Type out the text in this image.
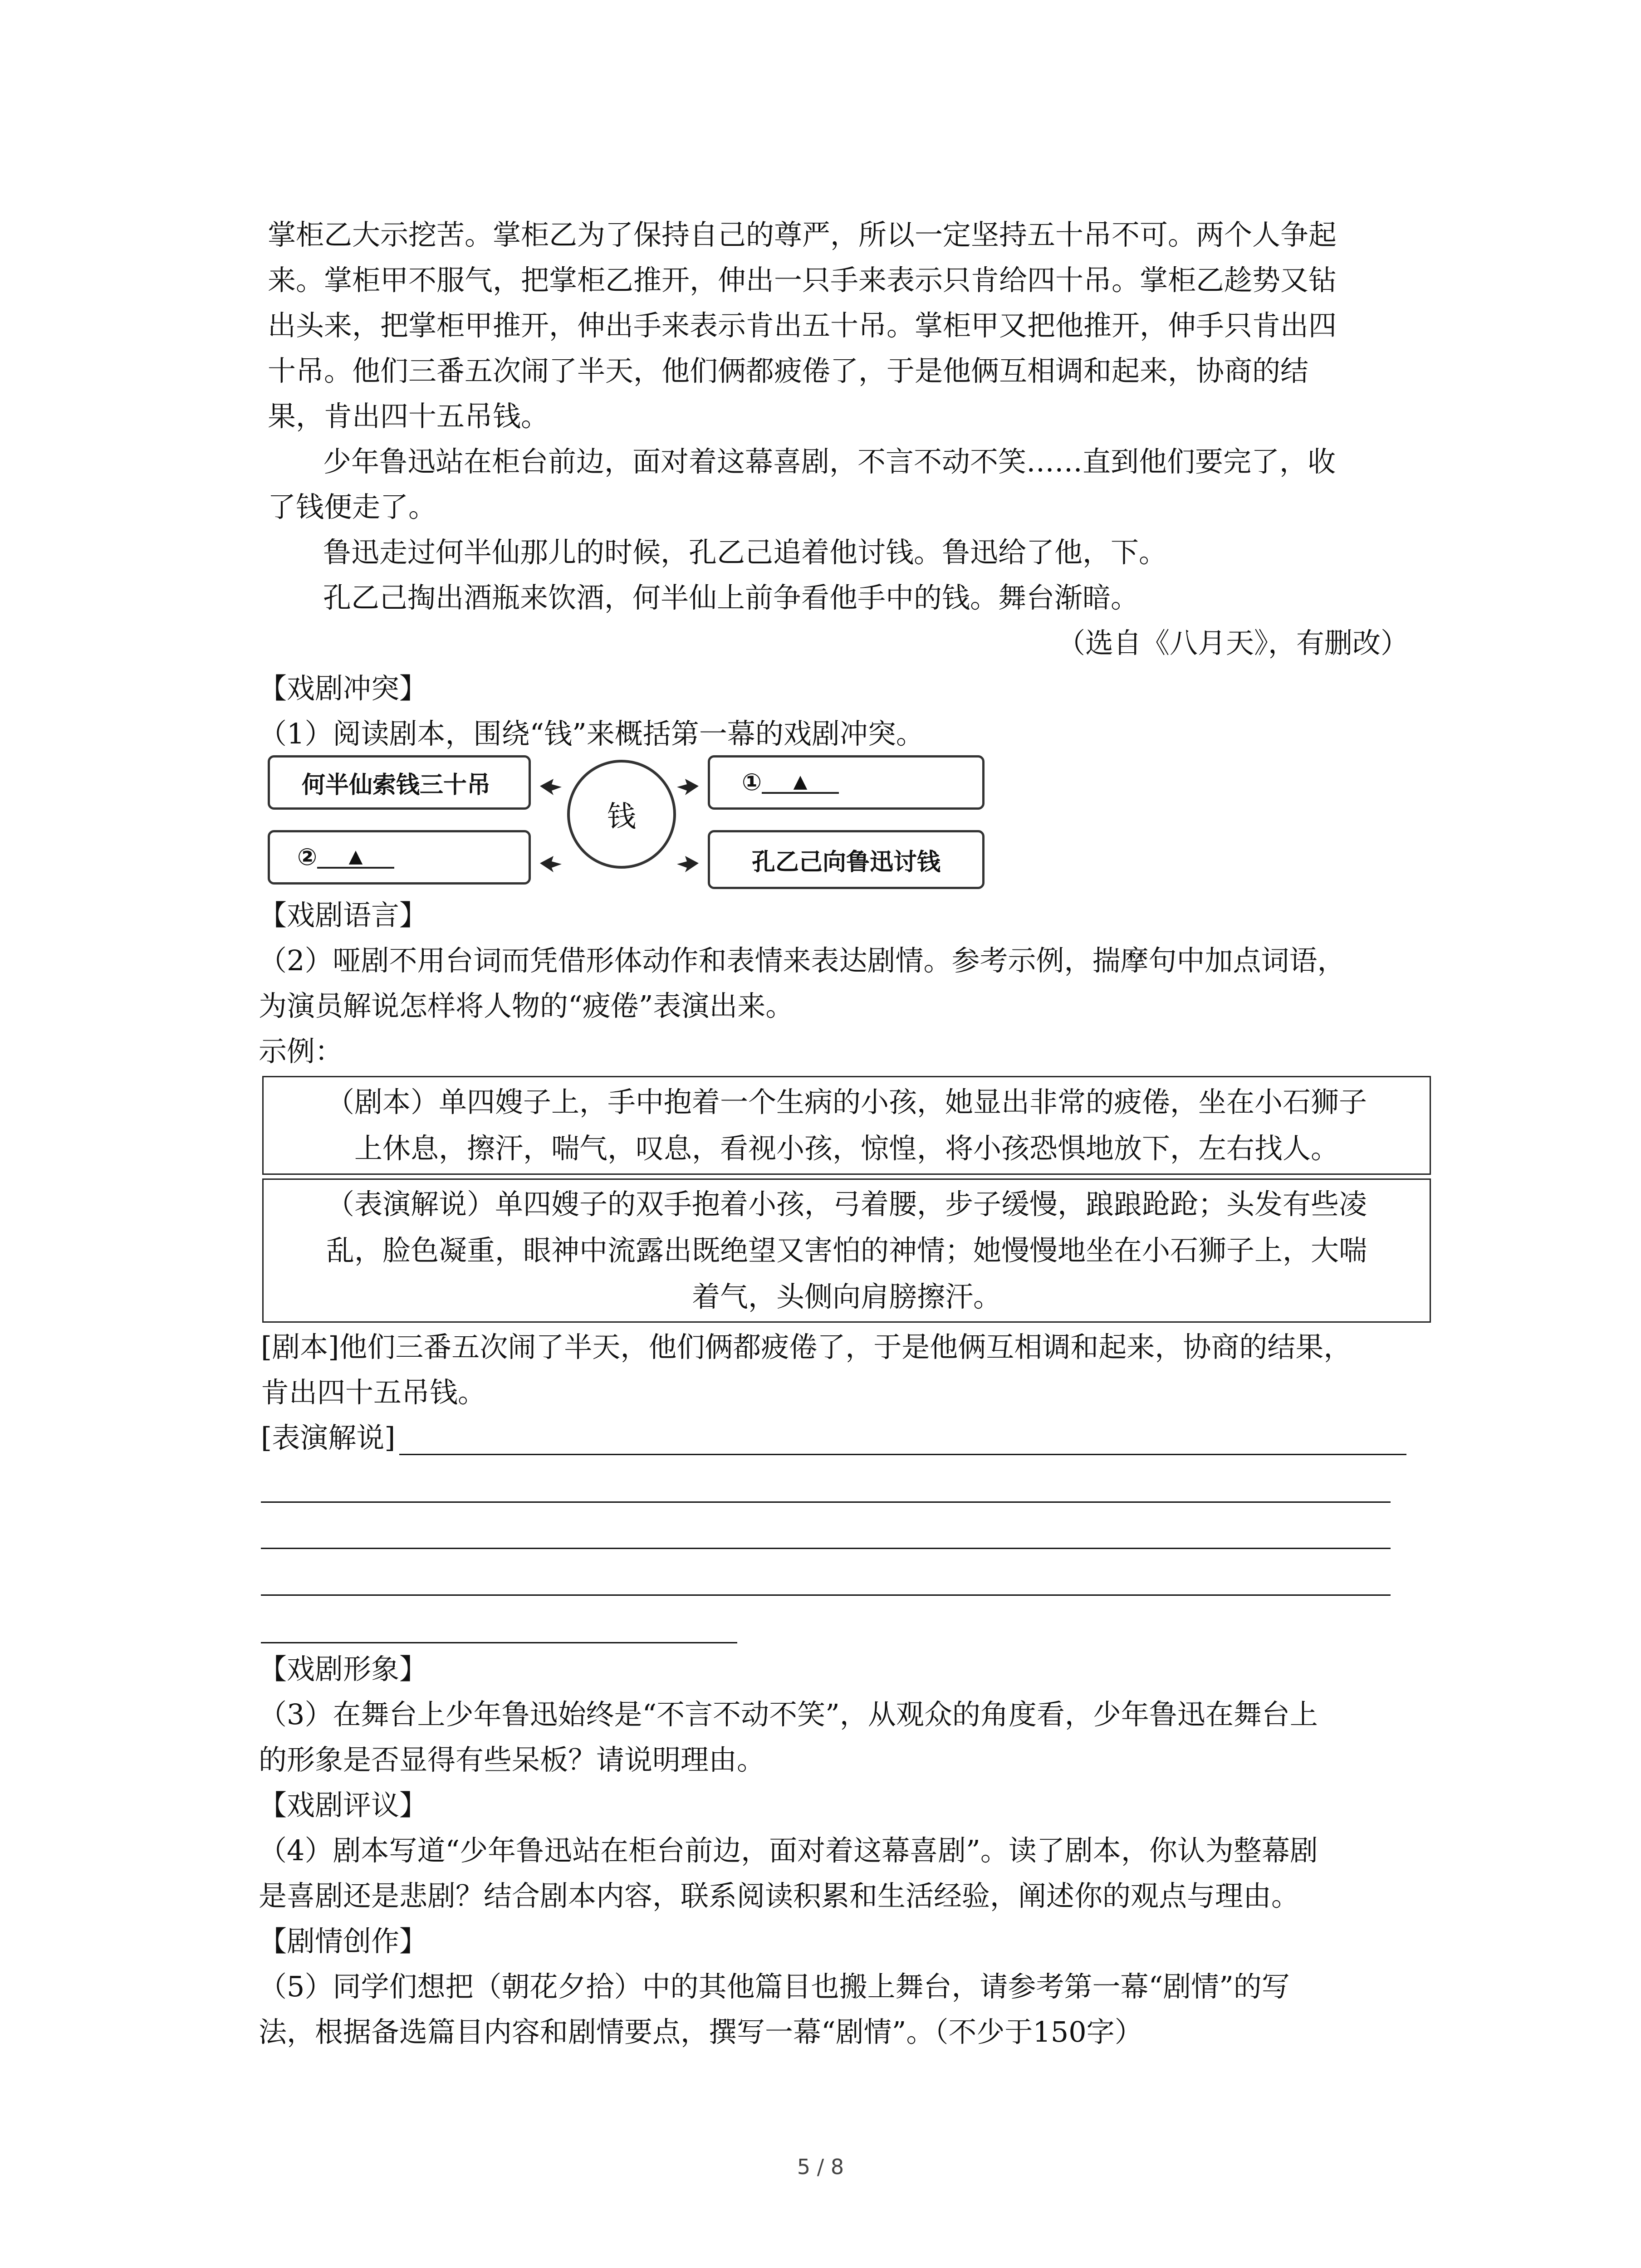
掌柜乙大示挖苦。掌柜乙为了保持自己的尊严，所以一定坚持五十吊不可。两个人争起

来。掌柜甲不服气，把掌柜乙推开，伸出一只手来表示只肯给四十吊。掌柜乙趁势又钻

出头来，把掌柜甲推开，伸出手来表示肯出五十吊。掌柜甲又把他推开，伸手只肯出四

十吊。他们三番五次闹了半天，他们俩都疲倦了，于是他俩互相调和起来，协商的结

果，肯出四十五吊钱。

少年鲁迅站在柜台前边，面对着这幕喜剧，不言不动不笑……直到他们要完了，收

了钱便走了。

鲁迅走过何半仙那儿的时候，孔乙己追着他讨钱。鲁迅给了他，下。

孔乙己掏出酒瓶来饮酒，何半仙上前争看他手中的钱。舞台渐暗。

（选自《八月天》，有删改）

【戏剧冲突】

（1）阅读剧本，围绕“钱”来概括第一幕的戏剧冲突。

何半仙索钱三十吊
②	▲
①	▲
孔乙己向鲁迅讨钱
钱

【戏剧语言】

（2）哑剧不用台词而凭借形体动作和表情来表达剧情。参考示例，揣摩句中加点词语，

为演员解说怎样将人物的“疲倦”表演出来。

示例：

（剧本）单四嫂子上，手中抱着一个生病的小孩，她显出非常的疲倦，坐在小石狮子

上休息，擦汗，喘气，叹息，看视小孩，惊惶，将小孩恐惧地放下，左右找人。

（表演解说）单四嫂子的双手抱着小孩，弓着腰，步子缓慢，踉踉跄跄；头发有些凌

乱，脸色凝重，眼神中流露出既绝望又害怕的神情；她慢慢地坐在小石狮子上，大喘

着气，头侧向肩膀擦汗。

[剧本]他们三番五次闹了半天，他们俩都疲倦了，于是他俩互相调和起来，协商的结果，

肯出四十五吊钱。

[表演解说]

【戏剧形象】

（3）在舞台上少年鲁迅始终是“不言不动不笑”，从观众的角度看，少年鲁迅在舞台上

的形象是否显得有些呆板？请说明理由。

【戏剧评议】

（4）剧本写道“少年鲁迅站在柜台前边，面对着这幕喜剧”。读了剧本，你认为整幕剧

是喜剧还是悲剧？结合剧本内容，联系阅读积累和生活经验，阐述你的观点与理由。

【剧情创作】

（5）同学们想把（朝花夕拾）中的其他篇目也搬上舞台，请参考第一幕“剧情”的写

法，根据备选篇目内容和剧情要点，撰写一幕“剧情”。（不少于150字）

5 / 8
